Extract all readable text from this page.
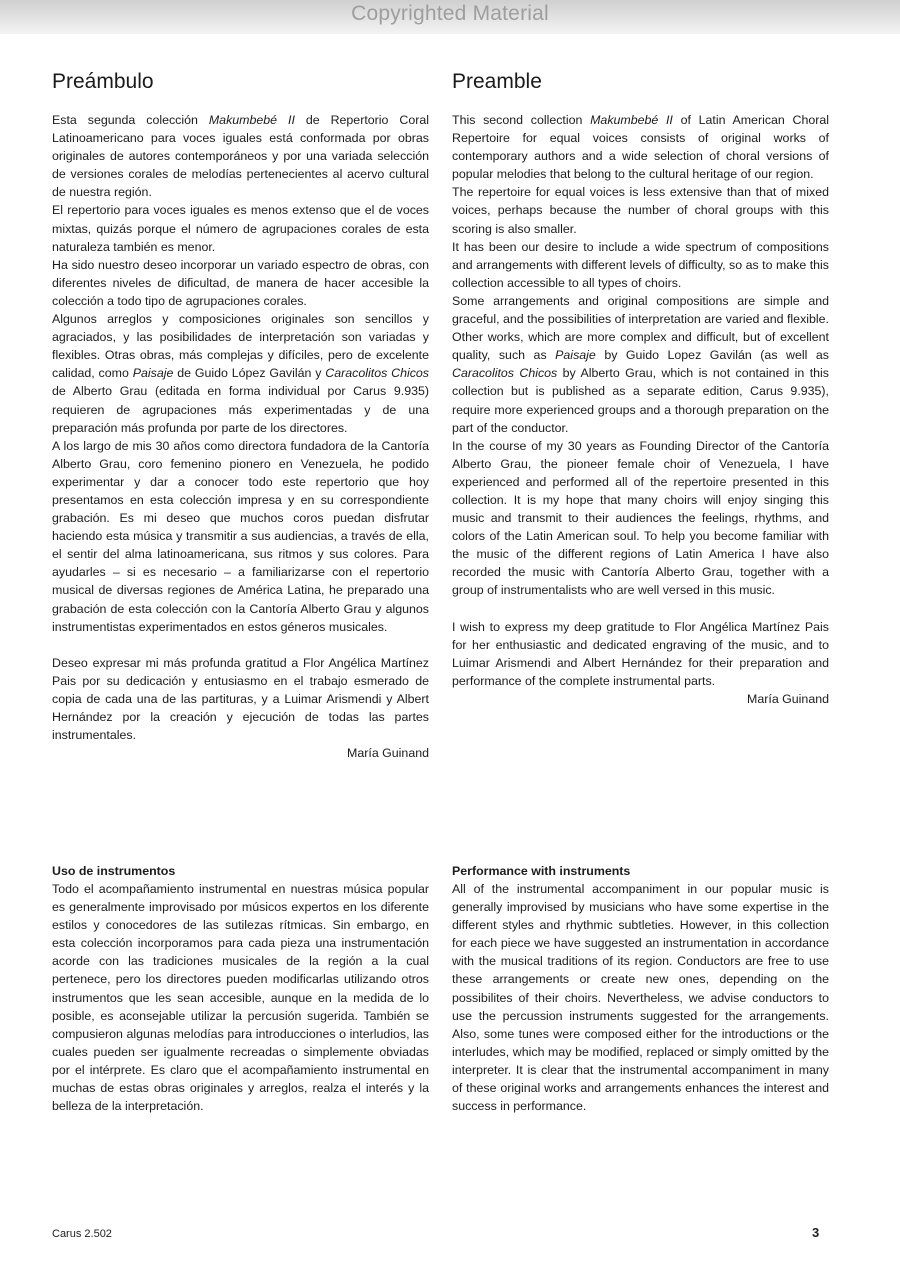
Copyrighted Material
Preámbulo

Esta segunda colección Makumbebé II de Repertorio Coral Latinoamericano para voces iguales está conformada por obras originales de autores contemporáneos y por una variada selección de versiones corales de melodías pertenecientes al acervo cultural de nuestra región.

El repertorio para voces iguales es menos extenso que el de voces mixtas, quizás porque el número de agrupaciones corales de esta naturaleza también es menor.

Ha sido nuestro deseo incorporar un variado espectro de obras, con diferentes niveles de dificultad, de manera de hacer accesible la colección a todo tipo de agrupaciones corales.

Algunos arreglos y composiciones originales son sencillos y agraciados, y las posibilidades de interpretación son variadas y flexibles. Otras obras, más complejas y difíciles, pero de excelente calidad, como Paisaje de Guido López Gavilán y Caracolitos Chicos de Alberto Grau (editada en forma individual por Carus 9.935) requieren de agrupaciones más experimentadas y de una preparación más profunda por parte de los directores.

A los largo de mis 30 años como directora fundadora de la Cantoría Alberto Grau, coro femenino pionero en Venezuela, he podido experimentar y dar a conocer todo este repertorio que hoy presentamos en esta colección impresa y en su correspondiente grabación. Es mi deseo que muchos coros puedan disfrutar haciendo esta música y transmitir a sus audiencias, a través de ella, el sentir del alma latinoamericana, sus ritmos y sus colores. Para ayudarles – si es necesario – a familiarizarse con el repertorio musical de diversas regiones de América Latina, he preparado una grabación de esta colección con la Cantoría Alberto Grau y algunos instrumentistas experimentados en estos géneros musicales.

Deseo expresar mi más profunda gratitud a Flor Angélica Martínez Pais por su dedicación y entusiasmo en el trabajo esmerado de copia de cada una de las partituras, y a Luimar Arismendi y Albert Hernández por la creación y ejecución de todas las partes instrumentales.

María Guinand

Uso de instrumentos

Todo el acompañamiento instrumental en nuestras música popular es generalmente improvisado por músicos expertos en los diferente estilos y conocedores de las sutilezas rítmicas. Sin embargo, en esta colección incorporamos para cada pieza una instrumentación acorde con las tradiciones musicales de la región a la cual pertenece, pero los directores pueden modificarlas utilizando otros instrumentos que les sean accesible, aunque en la medida de lo posible, es aconsejable utilizar la percusión sugerida. También se compusieron algunas melodías para introducciones o interludios, las cuales pueden ser igualmente recreadas o simplemente obviadas por el intérprete. Es claro que el acompañamiento instrumental en muchas de estas obras originales y arreglos, realza el interés y la belleza de la interpretación.

Preamble

This second collection Makumbebé II of Latin American Choral Repertoire for equal voices consists of original works of contemporary authors and a wide selection of choral versions of popular melodies that belong to the cultural heritage of our region.

The repertoire for equal voices is less extensive than that of mixed voices, perhaps because the number of choral groups with this scoring is also smaller.

It has been our desire to include a wide spectrum of compositions and arrangements with different levels of difficulty, so as to make this collection accessible to all types of choirs.

Some arrangements and original compositions are simple and graceful, and the possibilities of interpretation are varied and flexible. Other works, which are more complex and difficult, but of excellent quality, such as Paisaje by Guido Lopez Gavilán (as well as Caracolitos Chicos by Alberto Grau, which is not contained in this collection but is published as a separate edition, Carus 9.935), require more experienced groups and a thorough preparation on the part of the conductor.

In the course of my 30 years as Founding Director of the Cantoría Alberto Grau, the pioneer female choir of Venezuela, I have experienced and performed all of the repertoire presented in this collection. It is my hope that many choirs will enjoy singing this music and transmit to their audiences the feelings, rhythms, and colors of the Latin American soul. To help you become familiar with the music of the different regions of Latin America I have also recorded the music with Cantoría Alberto Grau, together with a group of instrumentalists who are well versed in this music.

I wish to express my deep gratitude to Flor Angélica Martínez Pais for her enthusiastic and dedicated engraving of the music, and to Luimar Arismendi and Albert Hernández for their preparation and performance of the complete instrumental parts.

María Guinand

Performance with instruments

All of the instrumental accompaniment in our popular music is generally improvised by musicians who have some expertise in the different styles and rhythmic subtleties. However, in this collection for each piece we have suggested an instrumentation in accordance with the musical traditions of its region. Conductors are free to use these arrangements or create new ones, depending on the possibilites of their choirs. Nevertheless, we advise conductors to use the percussion instruments suggested for the arrangements. Also, some tunes were composed either for the introductions or the interludes, which may be modified, replaced or simply omitted by the interpreter. It is clear that the instrumental accompaniment in many of these original works and arrangements enhances the interest and success in performance.

Carus 2.502	3
